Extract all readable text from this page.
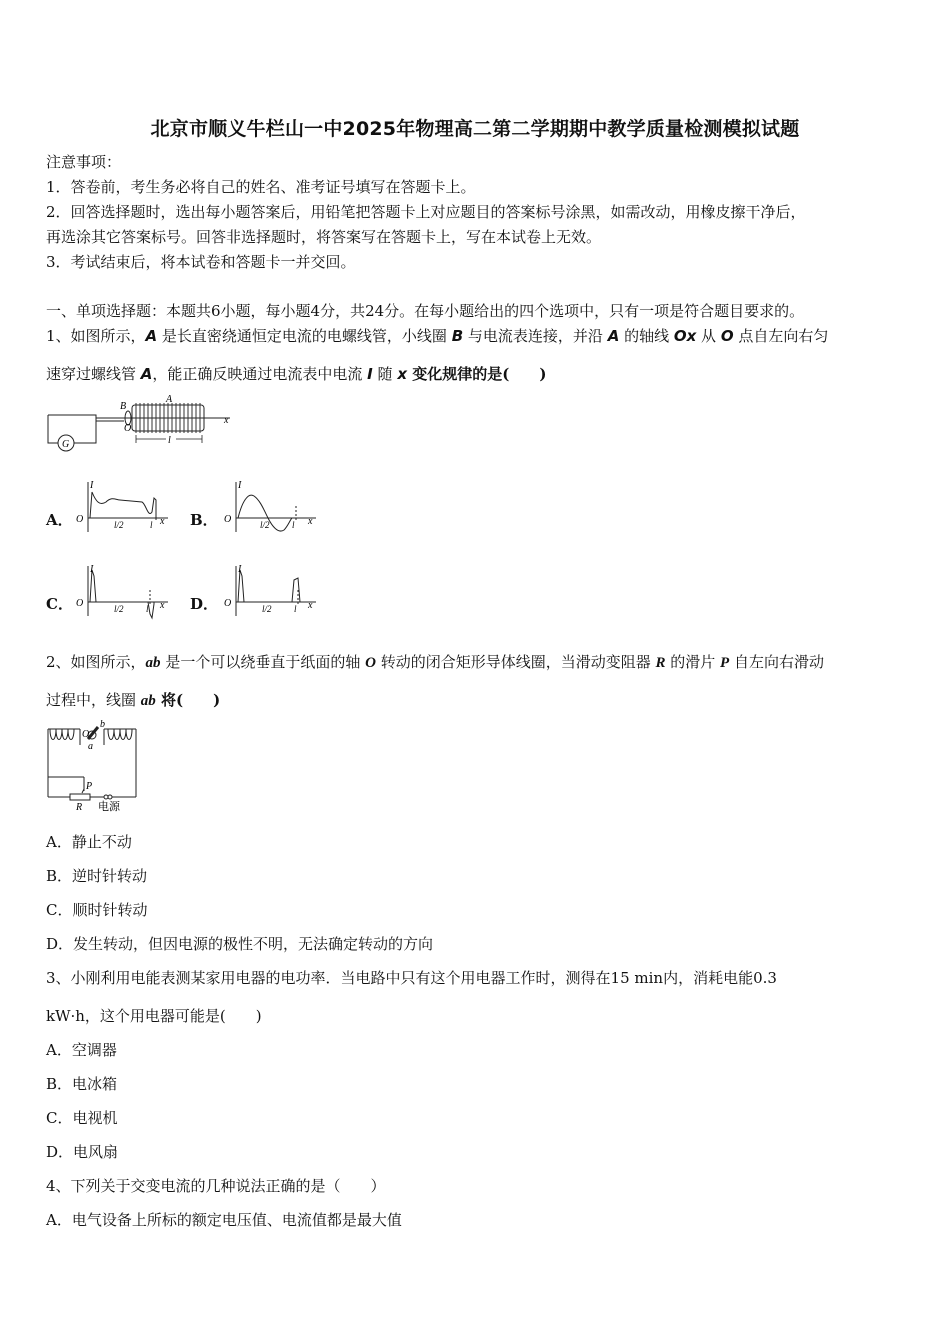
北京市顺义牛栏山一中2025年物理高二第二学期期中教学质量检测模拟试题
注意事项：
1．答卷前，考生务必将自己的姓名、准考证号填写在答题卡上。
2．回答选择题时，选出每小题答案后，用铅笔把答题卡上对应题目的答案标号涂黑，如需改动，用橡皮擦干净后，
再选涂其它答案标号。回答非选择题时，将答案写在答题卡上，写在本试卷上无效。
3．考试结束后，将本试卷和答题卡一并交回。
一、单项选择题：本题共6小题，每小题4分，共24分。在每小题给出的四个选项中，只有一项是符合题目要求的。
1、如图所示，A 是长直密绕通恒定电流的电螺线管，小线圈 B 与电流表连接，并沿 A 的轴线 Ox 从 O 点自左向右匀
速穿过螺线管 A，能正确反映通过电流表中电流 I 随 x 变化规律的是(　　)
G
B
A
O
x
l
A． O
I
l/2	l x B． O
I
l/2 l x
C． O
I
l/2 l x D． O
I
l/2 l x
2、如图所示，ab 是一个可以绕垂直于纸面的轴 O 转动的闭合矩形导体线圈，当滑动变阻器 R 的滑片 P 自左向右滑动
过程中，线圈 ab 将(　　)
O
a
b
P
R 电源
A．静止不动
B．逆时针转动
C．顺时针转动
D．发生转动，但因电源的极性不明，无法确定转动的方向
3、小刚利用电能表测某家用电器的电功率．当电路中只有这个用电器工作时，测得在15 min内，消耗电能0.3
kW·h，这个用电器可能是(　　)
A．空调器
B．电冰箱
C．电视机
D．电风扇
4、下列关于交变电流的几种说法正确的是（　　）
A．电气设备上所标的额定电压值、电流值都是最大值
